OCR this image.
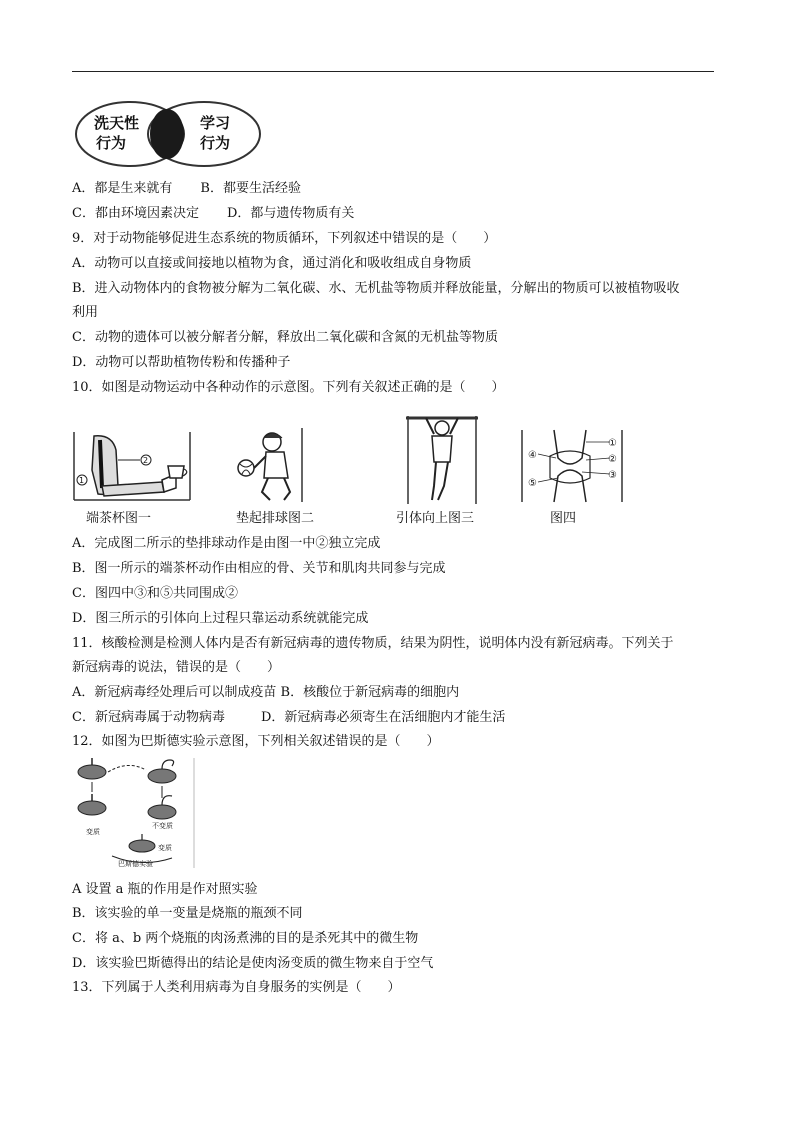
洗天性
行为
学习
行为
A．都是生来就有 B．都要生活经验
C．都由环境因素决定 D．都与遗传物质有关
9．对于动物能够促进生态系统的物质循环，下列叙述中错误的是（　　）
A．动物可以直接或间接地以植物为食，通过消化和吸收组成自身物质
B．进入动物体内的食物被分解为二氧化碳、水、无机盐等物质并释放能量，分解出的物质可以被植物吸收
利用
C．动物的遗体可以被分解者分解，释放出二氧化碳和含氮的无机盐等物质
D．动物可以帮助植物传粉和传播种子
10．如图是动物运动中各种动作的示意图。下列有关叙述正确的是（　　）
2
1
①
②
③
④
⑤
端茶杯图一	垫起排球图二	引体向上图三	图四
A．完成图二所示的垫排球动作是由图一中②独立完成
B．图一所示的端茶杯动作由相应的骨、关节和肌肉共同参与完成
C．图四中③和⑤共同围成②
D．图三所示的引体向上过程只靠运动系统就能完成
11．核酸检测是检测人体内是否有新冠病毒的遗传物质，结果为阴性，说明体内没有新冠病毒。下列关于
新冠病毒的说法，错误的是（　　）
A．新冠病毒经处理后可以制成疫苗 B．核酸位于新冠病毒的细胞内
C．新冠病毒属于动物病毒	D．新冠病毒必须寄生在活细胞内才能生活
12．如图为巴斯德实验示意图，下列相关叙述错误的是（　　）
变质
不变质
变质
巴斯德实验
A 设置 a 瓶的作用是作对照实验
B．该实验的单一变量是烧瓶的瓶颈不同
C．将 a、b 两个烧瓶的肉汤煮沸的目的是杀死其中的微生物
D．该实验巴斯德得出的结论是使肉汤变质的微生物来自于空气
13．下列属于人类利用病毒为自身服务的实例是（　　）
